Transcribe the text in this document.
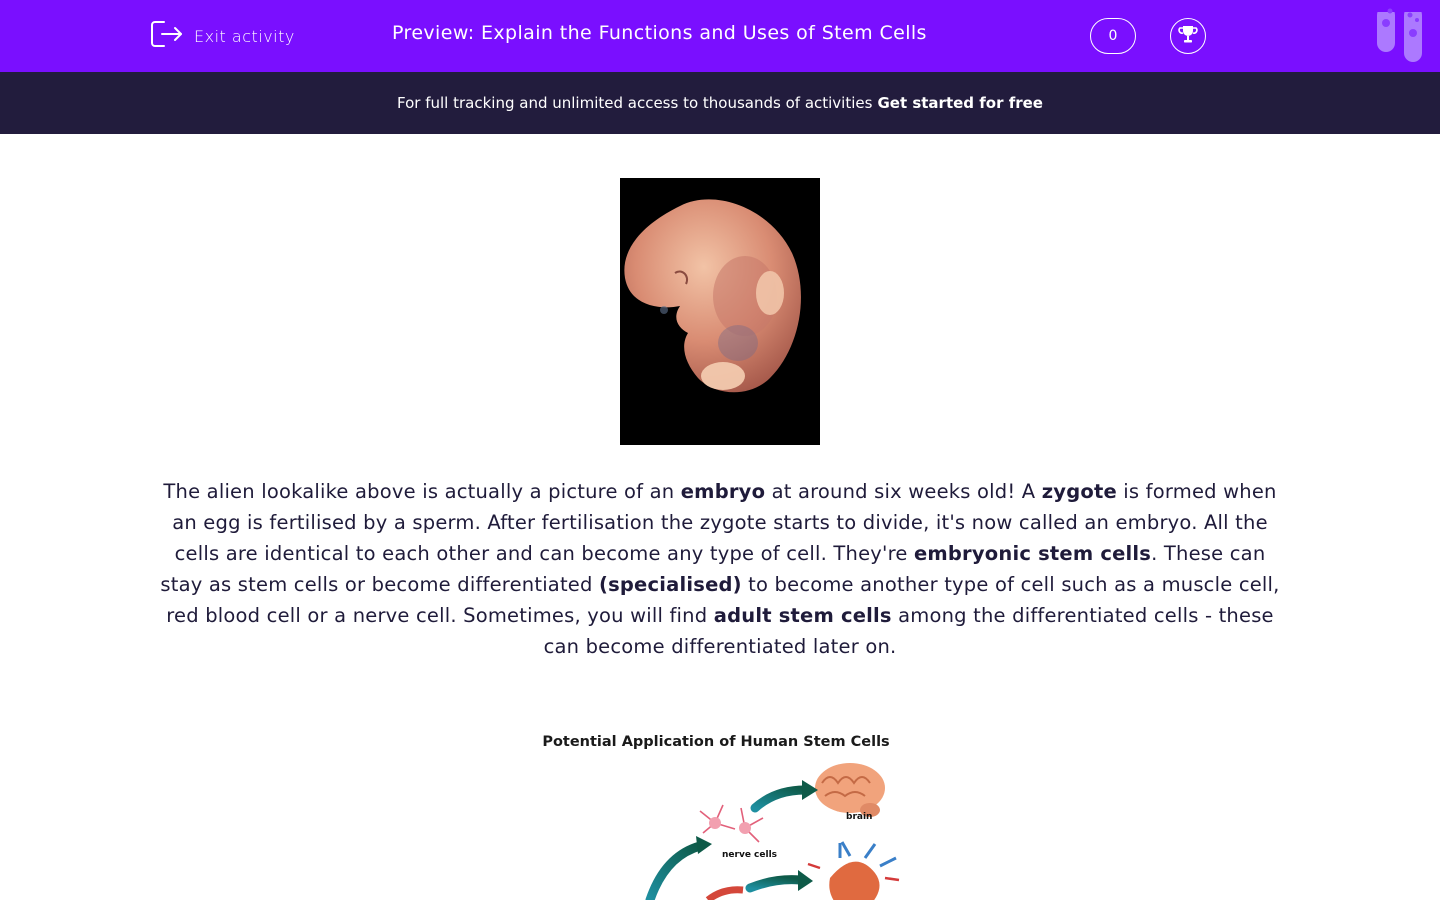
Exit activity	Preview: Explain the Functions and Uses of Stem Cells	0
For full tracking and unlimited access to thousands of activities Get started for free

The alien lookalike above is actually a picture of an embryo at around six weeks old! A zygote is formed when an egg is fertilised by a sperm. After fertilisation the zygote starts to divide, it's now called an embryo. All the cells are identical to each other and can become any type of cell. They're embryonic stem cells. These can stay as stem cells or become differentiated (specialised) to become another type of cell such as a muscle cell, red blood cell or a nerve cell. Sometimes, you will find adult stem cells among the differentiated cells - these can become differentiated later on.

Potential Application of Human Stem Cells
brain
nerve cells
